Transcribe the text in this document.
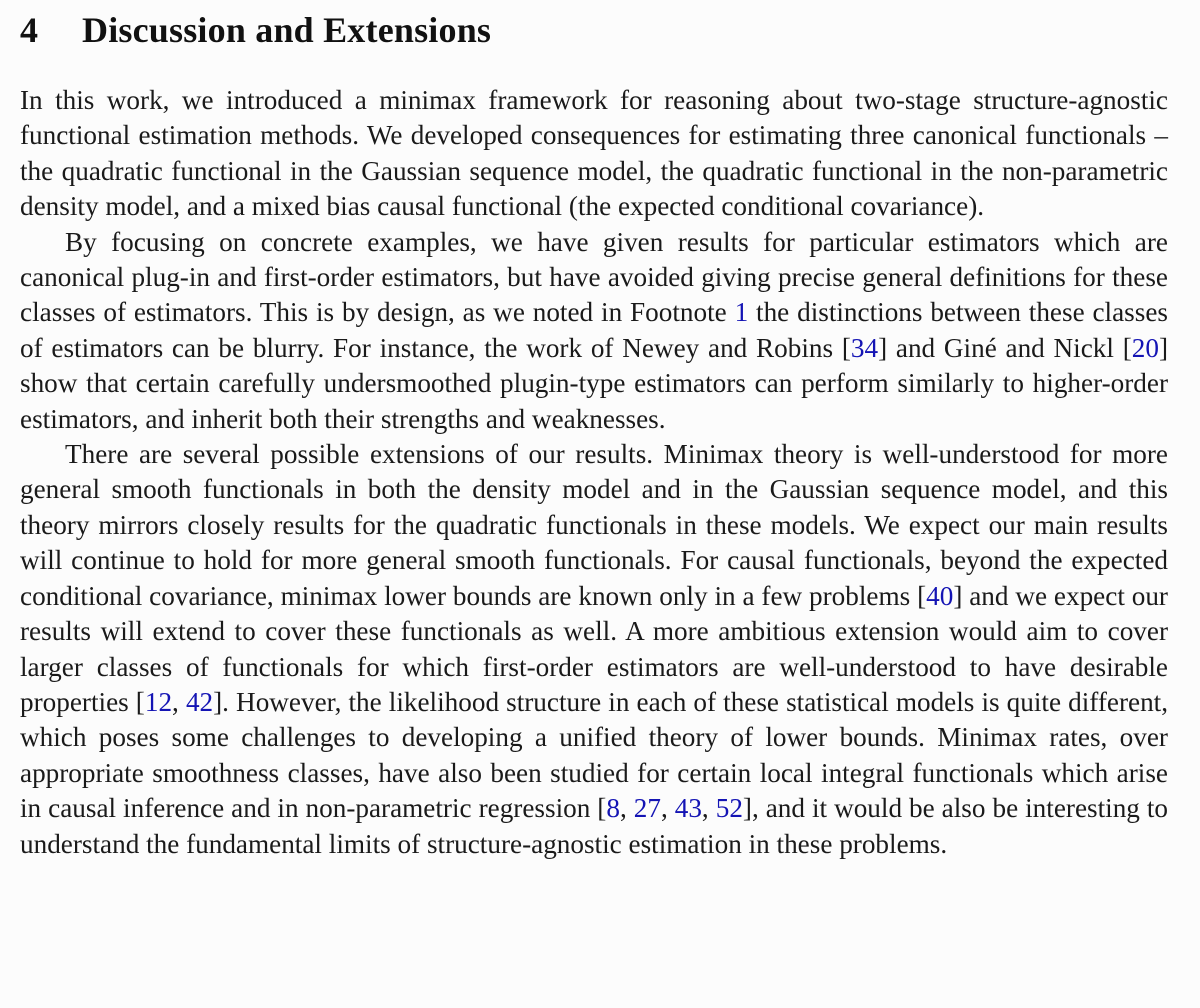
4	Discussion and Extensions

In this work, we introduced a minimax framework for reasoning about two-stage structure-agnostic functional estimation methods. We developed consequences for estimating three canonical functionals – the quadratic functional in the Gaussian sequence model, the quadratic functional in the non-parametric density model, and a mixed bias causal functional (the expected conditional covariance).

By focusing on concrete examples, we have given results for particular estimators which are canonical plug-in and first-order estimators, but have avoided giving precise general definitions for these classes of estimators. This is by design, as we noted in Footnote 1 the distinctions between these classes of estimators can be blurry. For instance, the work of Newey and Robins [34] and Giné and Nickl [20] show that certain carefully undersmoothed plugin-type estimators can perform similarly to higher-order estimators, and inherit both their strengths and weaknesses.

There are several possible extensions of our results. Minimax theory is well-understood for more general smooth functionals in both the density model and in the Gaussian sequence model, and this theory mirrors closely results for the quadratic functionals in these models. We expect our main results will continue to hold for more general smooth functionals. For causal functionals, beyond the expected conditional covariance, minimax lower bounds are known only in a few problems [40] and we expect our results will extend to cover these functionals as well. A more ambitious extension would aim to cover larger classes of functionals for which first-order estimators are well-understood to have desirable properties [12, 42]. However, the likelihood structure in each of these statistical models is quite different, which poses some challenges to developing a unified theory of lower bounds. Minimax rates, over appropriate smoothness classes, have also been studied for certain local integral functionals which arise in causal inference and in non-parametric regression [8, 27, 43, 52], and it would be also be interesting to understand the fundamental limits of structure-agnostic estimation in these problems.
